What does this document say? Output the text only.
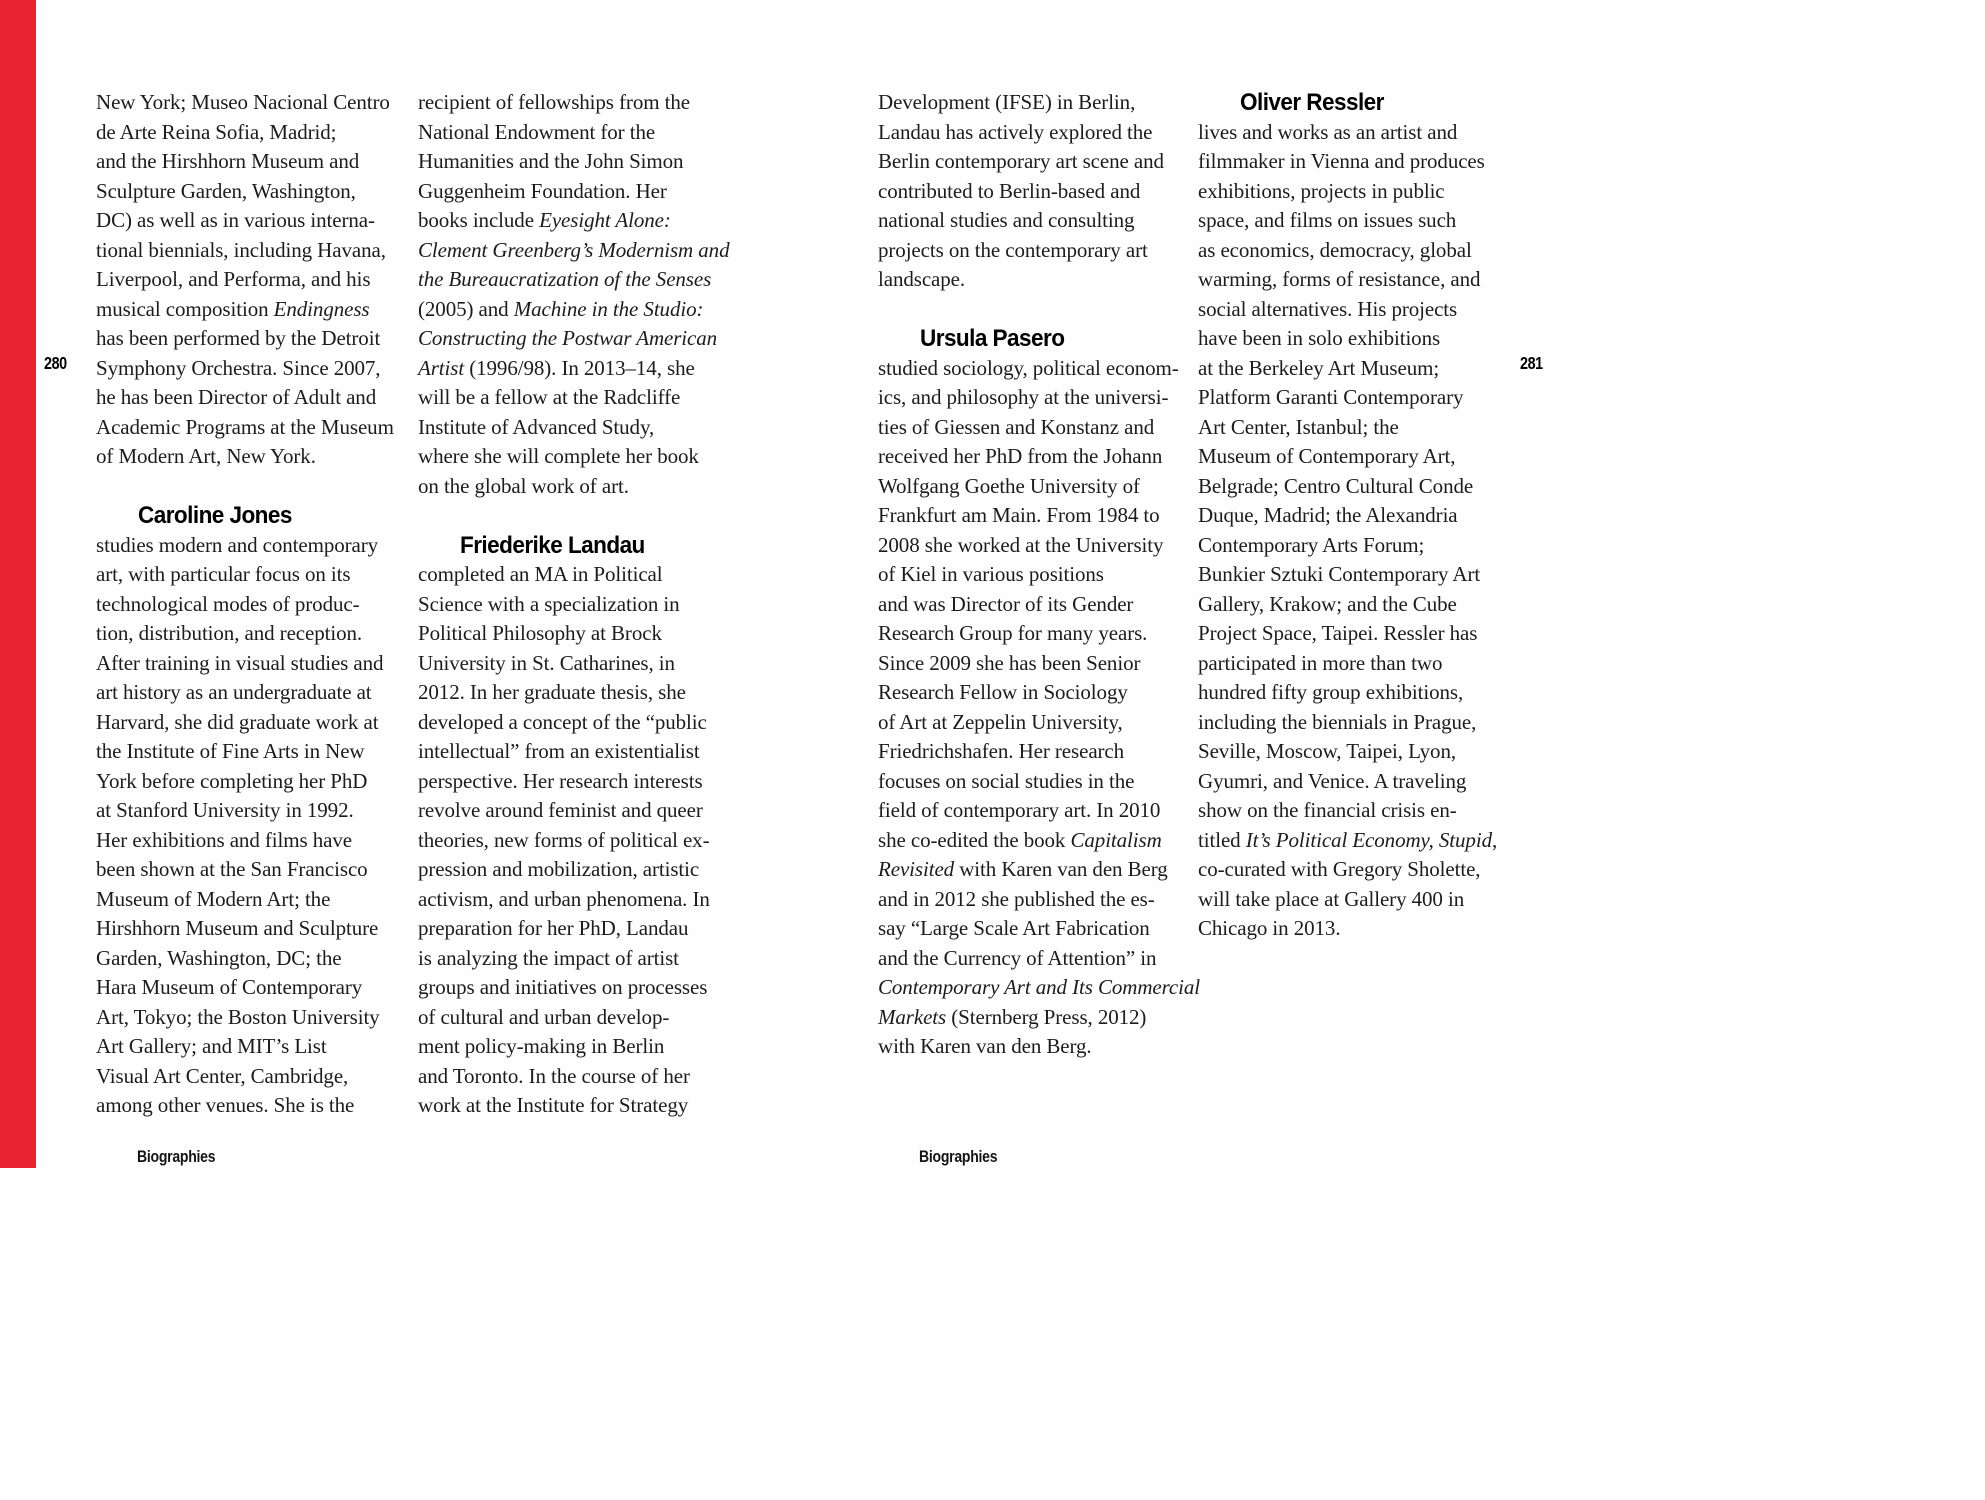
280	281
New York; Museo Nacional Centro
de Arte Reina Sofia, Madrid;
and the Hirshhorn Museum and
Sculpture Garden, Washington,
DC) as well as in various interna-
tional biennials, including Havana,
Liverpool, and Performa, and his
musical composition Endingness
has been performed by the Detroit
Symphony Orchestra. Since 2007,
he has been Director of Adult and
Academic Programs at the Museum
of Modern Art, New York.
Caroline Jones
studies modern and contemporary
art, with particular focus on its
technological modes of produc-
tion, distribution, and reception.
After training in visual studies and
art history as an undergraduate at
Harvard, she did graduate work at
the Institute of Fine Arts in New
York before completing her PhD
at Stanford University in 1992.
Her exhibitions and films have
been shown at the San Francisco
Museum of Modern Art; the
Hirshhorn Museum and Sculpture
Garden, Washington, DC; the
Hara Museum of Contemporary
Art, Tokyo; the Boston University
Art Gallery; and MIT’s List
Visual Art Center, Cambridge,
among other venues. She is the
recipient of fellowships from the
National Endowment for the
Humanities and the John Simon
Guggenheim Foundation. Her
books include Eyesight Alone:
Clement Greenberg’s Modernism and
the Bureaucratization of the Senses
(2005) and Machine in the Studio:
Constructing the Postwar American
Artist (1996/98). In 2013–14, she
will be a fellow at the Radcliffe
Institute of Advanced Study,
where she will complete her book
on the global work of art.
Friederike Landau
completed an MA in Political
Science with a specialization in
Political Philosophy at Brock
University in St. Catharines, in
2012. In her graduate thesis, she
developed a concept of the “public
intellectual” from an existentialist
perspective. Her research interests
revolve around feminist and queer
theories, new forms of political ex-
pression and mobilization, artistic
activism, and urban phenomena. In
preparation for her PhD, Landau
is analyzing the impact of artist
groups and initiatives on processes
of cultural and urban develop-
ment policy-making in Berlin
and Toronto. In the course of her
work at the Institute for Strategy
Development (IFSE) in Berlin,
Landau has actively explored the
Berlin contemporary art scene and
contributed to Berlin-based and
national studies and consulting
projects on the contemporary art
landscape.
Ursula Pasero
studied sociology, political econom-
ics, and philosophy at the universi-
ties of Giessen and Konstanz and
received her PhD from the Johann
Wolfgang Goethe University of
Frankfurt am Main. From 1984 to
2008 she worked at the University
of Kiel in various positions
and was Director of its Gender
Research Group for many years.
Since 2009 she has been Senior
Research Fellow in Sociology
of Art at Zeppelin University,
Friedrichshafen. Her research
focuses on social studies in the
field of contemporary art. In 2010
she co-edited the book Capitalism
Revisited with Karen van den Berg
and in 2012 she published the es-
say “Large Scale Art Fabrication
and the Currency of Attention” in
Contemporary Art and Its Commercial
Markets (Sternberg Press, 2012)
with Karen van den Berg.
Oliver Ressler
lives and works as an artist and
filmmaker in Vienna and produces
exhibitions, projects in public
space, and films on issues such
as economics, democracy, global
warming, forms of resistance, and
social alternatives. His projects
have been in solo exhibitions
at the Berkeley Art Museum;
Platform Garanti Contemporary
Art Center, Istanbul; the
Museum of Contemporary Art,
Belgrade; Centro Cultural Conde
Duque, Madrid; the Alexandria
Contemporary Arts Forum;
Bunkier Sztuki Contemporary Art
Gallery, Krakow; and the Cube
Project Space, Taipei. Ressler has
participated in more than two
hundred fifty group exhibitions,
including the biennials in Prague,
Seville, Moscow, Taipei, Lyon,
Gyumri, and Venice. A traveling
show on the financial crisis en-
titled It’s Political Economy, Stupid,
co-curated with Gregory Sholette,
will take place at Gallery 400 in
Chicago in 2013.
Biographies	Biographies
